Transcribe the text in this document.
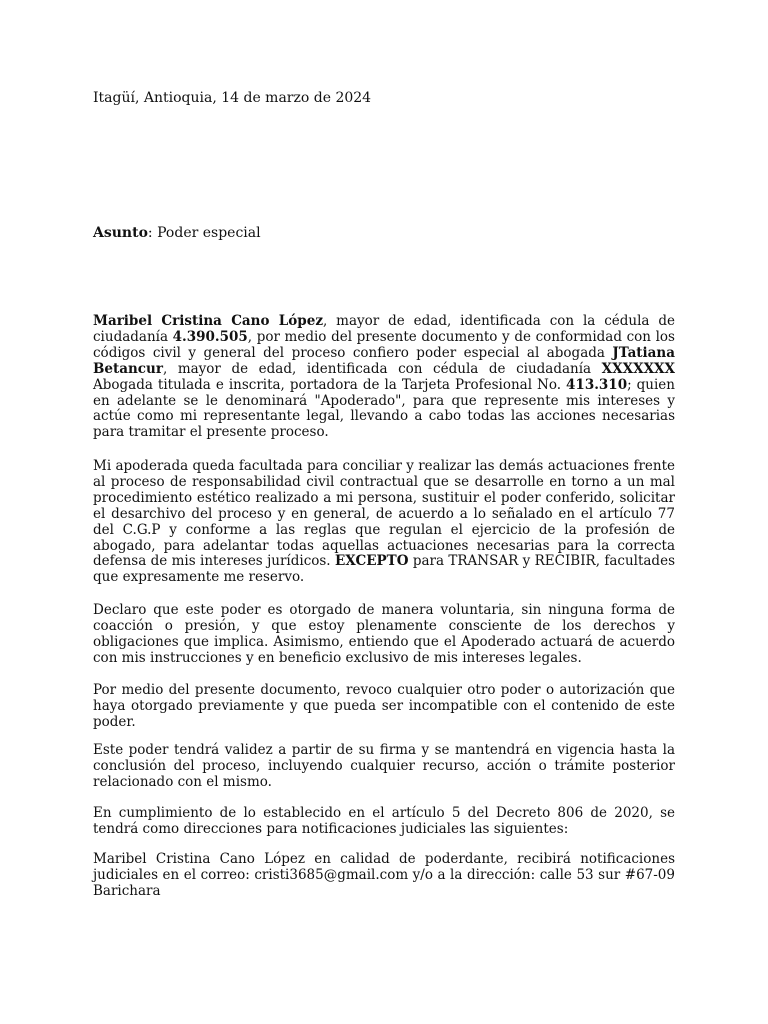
Itagüí, Antioquia, 14 de marzo de 2024

Asunto: Poder especial

Maribel Cristina Cano López, mayor de edad, identificada con la cédula de ciudadanía 4.390.505, por medio del presente documento y de conformidad con los códigos civil y general del proceso confiero poder especial al abogada JTatiana Betancur, mayor de edad, identificada con cédula de ciudadanía XXXXXXX Abogada titulada e inscrita, portadora de la Tarjeta Profesional No. 413.310; quien en adelante se le denominará "Apoderado", para que represente mis intereses y actúe como mi representante legal, llevando a cabo todas las acciones necesarias para tramitar el presente proceso.

Mi apoderada queda facultada para conciliar y realizar las demás actuaciones frente al proceso de responsabilidad civil contractual que se desarrolle en torno a un mal procedimiento estético realizado a mi persona, sustituir el poder conferido, solicitar el desarchivo del proceso y en general, de acuerdo a lo señalado en el artículo 77 del C.G.P y conforme a las reglas que regulan el ejercicio de la profesión de abogado, para adelantar todas aquellas actuaciones necesarias para la correcta defensa de mis intereses jurídicos. EXCEPTO para TRANSAR y RECIBIR, facultades que expresamente me reservo.

Declaro que este poder es otorgado de manera voluntaria, sin ninguna forma de coacción o presión, y que estoy plenamente consciente de los derechos y obligaciones que implica. Asimismo, entiendo que el Apoderado actuará de acuerdo con mis instrucciones y en beneficio exclusivo de mis intereses legales.

Por medio del presente documento, revoco cualquier otro poder o autorización que haya otorgado previamente y que pueda ser incompatible con el contenido de este poder.

Este poder tendrá validez a partir de su firma y se mantendrá en vigencia hasta la conclusión del proceso, incluyendo cualquier recurso, acción o trámite posterior relacionado con el mismo.

En cumplimiento de lo establecido en el artículo 5 del Decreto 806 de 2020, se tendrá como direcciones para notificaciones judiciales las siguientes:

Maribel Cristina Cano López en calidad de poderdante, recibirá notificaciones judiciales en el correo: cristi3685@gmail.com y/o a la dirección: calle 53 sur #67-09 Barichara
